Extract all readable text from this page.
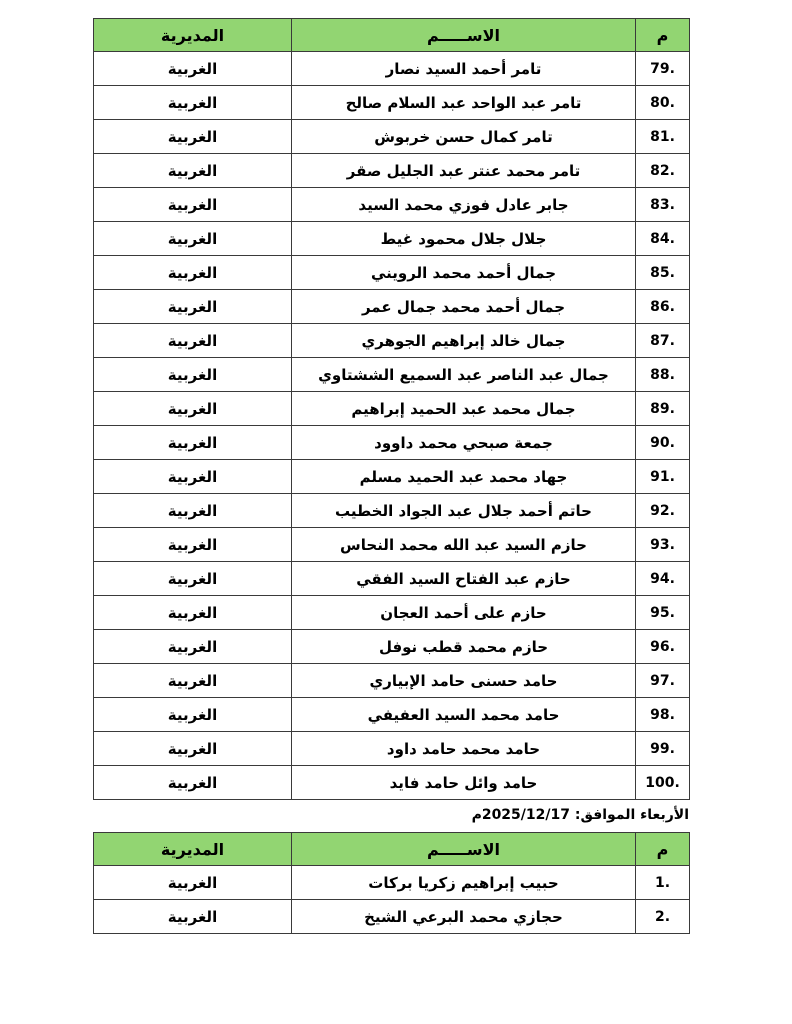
م	الاســـــم	المديرية
79.	تامر أحمد السيد نصار	الغربية
80.	تامر عبد الواحد عبد السلام صالح	الغربية
81.	تامر كمال حسن خربوش	الغربية
82.	تامر محمد عنتر عبد الجليل صقر	الغربية
83.	جابر عادل فوزي محمد السيد	الغربية
84.	جلال جلال محمود غيط	الغربية
85.	جمال أحمد محمد الرويني	الغربية
86.	جمال أحمد محمد جمال عمر	الغربية
87.	جمال خالد إبراهيم الجوهري	الغربية
88.	جمال عبد الناصر عبد السميع الششتاوي	الغربية
89.	جمال محمد عبد الحميد إبراهيم	الغربية
90.	جمعة صبحي محمد داوود	الغربية
91.	جهاد محمد عبد الحميد مسلم	الغربية
92.	حاتم أحمد جلال عبد الجواد الخطيب	الغربية
93.	حازم السيد عبد الله محمد النحاس	الغربية
94.	حازم عبد الفتاح السيد الفقي	الغربية
95.	حازم على أحمد العجان	الغربية
96.	حازم محمد قطب نوفل	الغربية
97.	حامد حسنى حامد الإبياري	الغربية
98.	حامد محمد السيد العفيفي	الغربية
99.	حامد محمد حامد داود	الغربية
100.	حامد وائل حامد فايد	الغربية
الأربعاء الموافق: 2025/12/17م
م	الاســـــم	المديرية
1.	حبيب إبراهيم زكريا بركات	الغربية
2.	حجازي محمد البرعي الشيخ	الغربية
